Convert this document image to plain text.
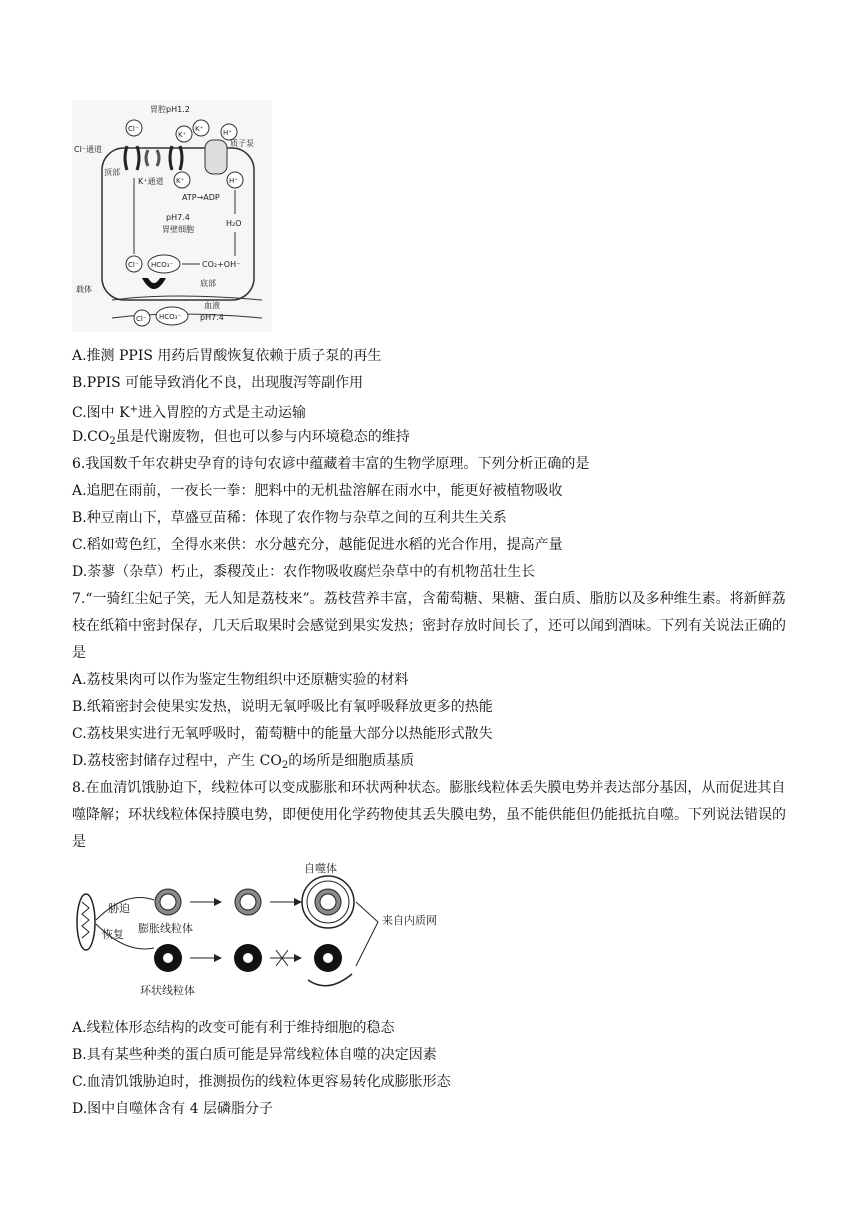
胃腔pH1.2
Cl⁻
K⁺
K⁺	H⁺
质子泵
Cl⁻通道
顶部
K⁺通道 K⁺	H⁺
ATP→ADP
pH7.4
胃壁细胞
H₂O
Cl⁻ HCO₃⁻	CO₂+OH⁻
底部
载体
血液
pH7.4
Cl⁻ HCO₃⁻
A.推测 PPIS 用药后胃酸恢复依赖于质子泵的再生
B.PPIS 可能导致消化不良，出现腹泻等副作用
C.图中 K+进入胃腔的方式是主动运输
$D.CO_2$虽是代谢废物，但也可以参与内环境稳态的维持
6.我国数千年农耕史孕育的诗句农谚中蕴藏着丰富的生物学原理。下列分析正确的是
A.追肥在雨前，一夜长一拳：肥料中的无机盐溶解在雨水中，能更好被植物吸收
B.种豆南山下，草盛豆苗稀：体现了农作物与杂草之间的互利共生关系
C.稻如莺色红，全得水来供：水分越充分，越能促进水稻的光合作用，提高产量
D.荼蓼（杂草）朽止，黍稷茂止：农作物吸收腐烂杂草中的有机物茁壮生长
7.“一骑红尘妃子笑，无人知是荔枝来”。荔枝营养丰富，含葡萄糖、果糖、蛋白质、脂肪以及多种维生素。将新鲜荔枝在纸箱中密封保存，几天后取果时会感觉到果实发热；密封存放时间长了，还可以闻到酒味。下列有关说法正确的是
A.荔枝果肉可以作为鉴定生物组织中还原糖实验的材料
B.纸箱密封会使果实发热，说明无氧呼吸比有氧呼吸释放更多的热能
C.荔枝果实进行无氧呼吸时，葡萄糖中的能量大部分以热能形式散失
D.荔枝密封储存过程中，产生 $CO_2$的场所是细胞质基质
8.在血清饥饿胁迫下，线粒体可以变成膨胀和环状两种状态。膨胀线粒体丢失膜电势并表达部分基因，从而促进其自噬降解；环状线粒体保持膜电势，即便使用化学药物使其丢失膜电势，虽不能供能但仍能抵抗自噬。下列说法错误的是
胁迫
恢复 膨胀线粒体
自噬体
环状线粒体
来自内质网
A.线粒体形态结构的改变可能有利于维持细胞的稳态
B.具有某些种类的蛋白质可能是异常线粒体自噬的决定因素
C.血清饥饿胁迫时，推测损伤的线粒体更容易转化成膨胀形态
D.图中自噬体含有 4 层磷脂分子
